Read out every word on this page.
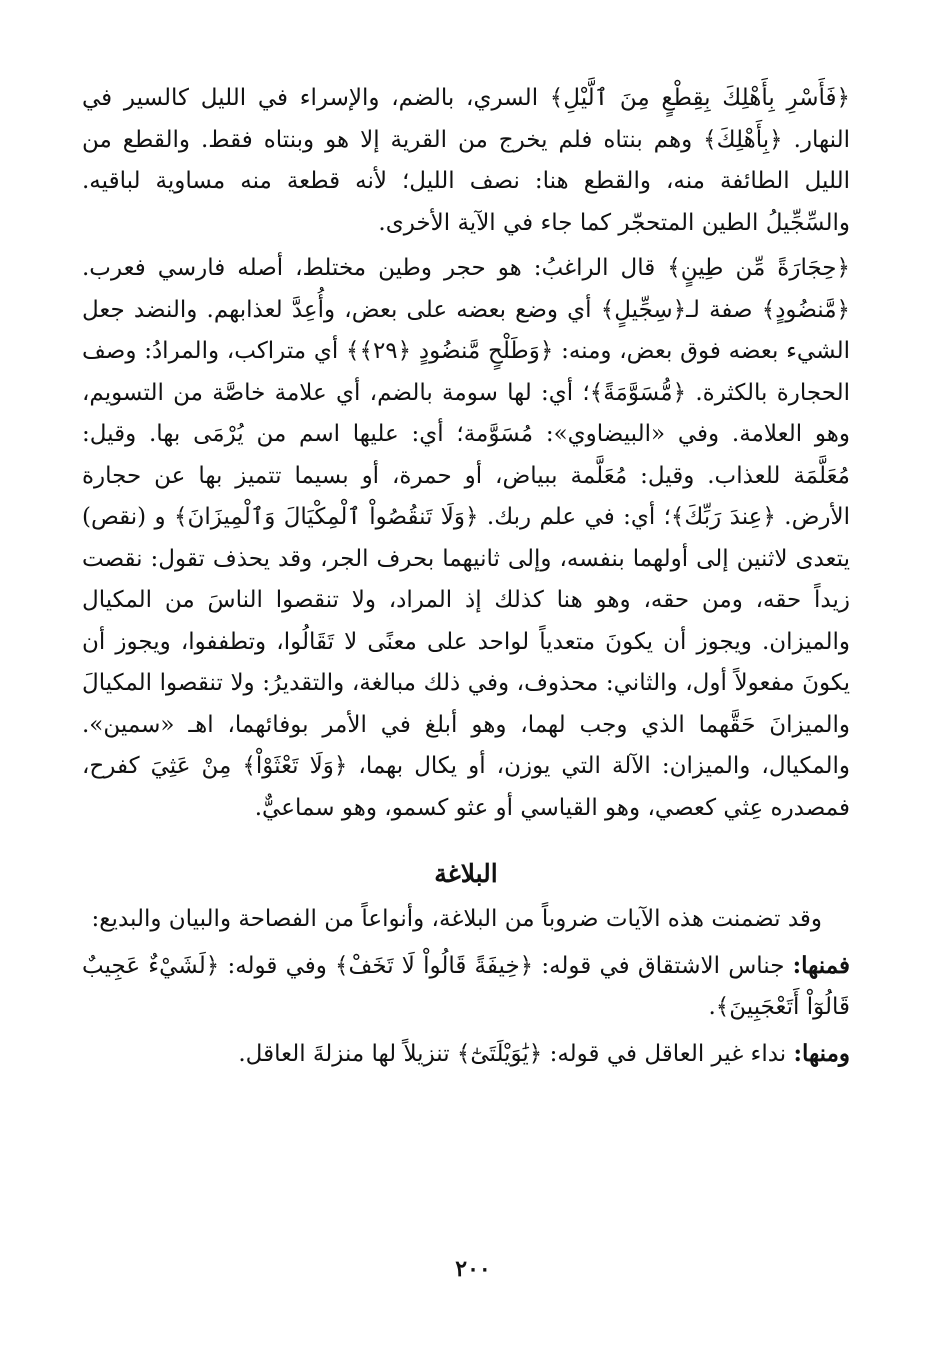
﴿فَأَسْرِ بِأَهْلِكَ بِقِطْعٍ مِنَ ٱلَّيْلِ﴾ السري، بالضم، والإسراء في الليل كالسير في النهار. ﴿بِأَهْلِكَ﴾ وهم بنتاه فلم يخرج من القرية إلا هو وبنتاه فقط. والقطع من الليل الطائفة منه، والقطع هنا: نصف الليل؛ لأنه قطعة منه مساوية لباقيه. والسِّجِّيلُ الطين المتحجّر كما جاء في الآية الأخرى.

﴿حِجَارَةً مِّن طِينٍ﴾ قال الراغبُ: هو حجر وطين مختلط، أصله فارسي فعرب. ﴿مَّنضُودٍ﴾ صفة لـ﴿سِجِّيلٍ﴾ أي وضع بعضه على بعض، وأُعِدَّ لعذابهم. والنضد جعل الشيء بعضه فوق بعض، ومنه: ﴿وَطَلْحٍ مَّنضُودٍ ﴿٢٩﴾﴾ أي متراكب، والمرادُ: وصف الحجارة بالكثرة. ﴿مُّسَوَّمَةً﴾؛ أي: لها سومة بالضم، أي علامة خاصَّة من التسويم، وهو العلامة. وفي «البيضاوي»: مُسَوَّمة؛ أي: عليها اسم من يُرْمَى بها. وقيل: مُعَلَّمَة للعذاب. وقيل: مُعَلَّمة ببياض، أو حمرة، أو بسيما تتميز بها عن حجارة الأرض. ﴿عِندَ رَبِّكَ﴾؛ أي: في علم ربك. ﴿وَلَا تَنقُصُواْ ٱلْمِكْيَالَ وَٱلْمِيزَانَ﴾ و (نقص) يتعدى لاثنين إلى أولهما بنفسه، وإلى ثانيهما بحرف الجر، وقد يحذف تقول: نقصت زيداً حقه، ومن حقه، وهو هنا كذلك إذ المراد، ولا تنقصوا الناسَ من المكيال والميزان. ويجوز أن يكونَ متعدياً لواحد على معنًى لا تَقَالُوا، وتطففوا، ويجوز أن يكونَ مفعولاً أول، والثاني: محذوف، وفي ذلك مبالغة، والتقديرُ: ولا تنقصوا المكيالَ والميزانَ حَقَّهما الذي وجب لهما، وهو أبلغ في الأمر بوفائهما، اهـ «سمين». والمكيال، والميزان: الآلة التي يوزن، أو يكال بهما، ﴿وَلَا تَعْثَوْاْ﴾ مِنْ عَثِيَ كفرح، فمصدره عِثي كعصي، وهو القياسي أو عثو كسمو، وهو سماعيٌّ.

البلاغة

وقد تضمنت هذه الآيات ضروباً من البلاغة، وأنواعاً من الفصاحة والبيان والبديع:

فمنها: جناس الاشتقاق في قوله: ﴿خِيفَةً قَالُواْ لَا تَخَفْ﴾ وفي قوله: ﴿لَشَيْءٌ عَجِيبٌ قَالُوٓاْ أَتَعْجَبِينَ﴾.

ومنها: نداء غير العاقل في قوله: ﴿يَٰوَيْلَتَىٰٓ﴾ تنزيلاً لها منزلةَ العاقل.

٢٠٠
